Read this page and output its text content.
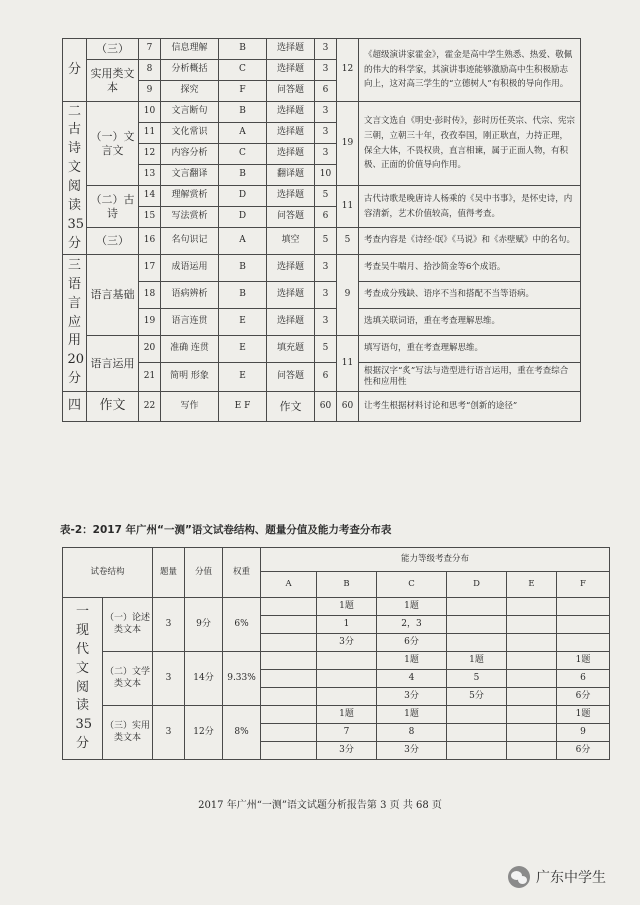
分	（三）	7	信息理解	B	选择题	3	12	《超级演讲家霍金》，霍金是高中学生熟悉、热爱、敬佩的伟大的科学家，其演讲事迹能够激励高中生积极励志向上，这对高三学生的“立德树人”有积极的导向作用。
	实用类文本	8	分析概括	C	选择题	3		
		9	探究	F	问答题	6		

二古诗文阅读35分	（一）文言文	10	文言断句	B	选择题	3	19	文言文选自《明史·彭时传》，彭时历任英宗、代宗、宪宗三朝，立朝三十年，孜孜奉国，刚正耿直，力持正理，保全大体，不畏权贵，直言相谏，属于正面人物，有积极、正面的价值导向作用。
		11	文化常识	A	选择题	3		
		12	内容分析	C	选择题	3		
		13	文言翻译	B	翻译题	10		
	（二）古诗	14	理解赏析	D	选择题	5	11	古代诗歌是晚唐诗人杨乘的《吴中书事》，是怀史诗，内容清新，艺术价值较高，值得考查。
		15	写法赏析	D	问答题	6		
	（三）	16	名句识记	A	填空	5	5	考查内容是《诗经·氓》《马说》和《赤壁赋》中的名句。

三语言应用20分	语言基础	17	成语运用	B	选择题	3	9	考查吴牛喘月、拾沙简金等6个成语。
		18	语病辨析	B	选择题	3		考查成分残缺、语序不当和搭配不当等语病。
		19	语言连贯	E	选择题	3		选填关联词语，重在考查理解思维。
	语言运用	20	准确 连贯	E	填充题	5	11	填写语句，重在考查理解思维。
		21	简明 形象	E	问答题	6		根据汉字“炙”写法与造型进行语言运用，重在考查综合性和应用性
四	作文	22	写作	E F	作文	60	60	让考生根据材料讨论和思考“创新的途径”
表-2：2017 年广州“一测”语文试卷结构、题量分值及能力考查分布表
试卷结构		题量	分值	权重	能力等级考查分布					
					A	B	C	D	E	F

一现代文阅读35分	（一）论述类文本	3	9分	6%		1题	1题			
						1	2，3			
						3分	6分			
	（二）文学类文本	3	14分	9.33%			1题	1题		1题
							4	5		6
							3分	5分		6分
	（三）实用类文本	3	12分	8%		1题	1题			1题
						7	8			9
						3分	3分			6分
2017 年广州“一测”语文试题分析报告第 3 页 共 68 页
广东中学生
